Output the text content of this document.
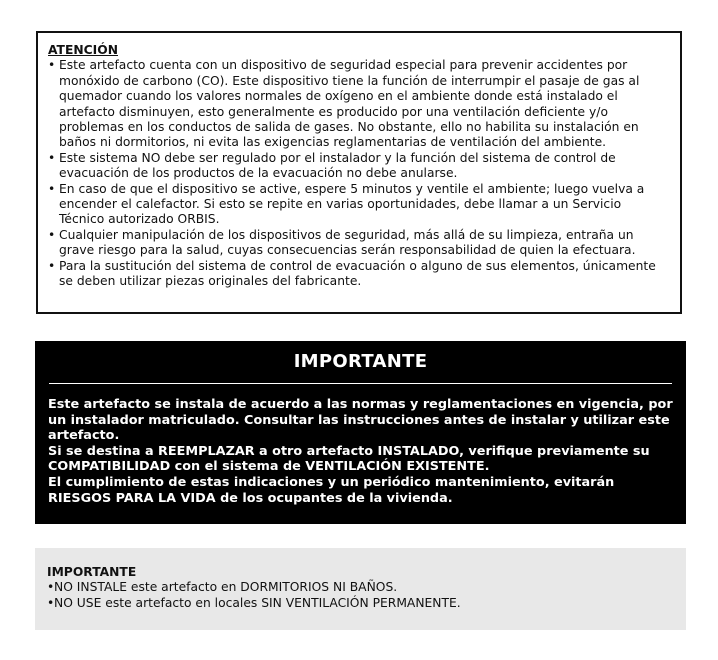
ATENCIÓN
• Este artefacto cuenta con un dispositivo de seguridad especial para prevenir accidentes por monóxido de carbono (CO). Este dispositivo tiene la función de interrumpir el pasaje de gas al quemador cuando los valores normales de oxígeno en el ambiente donde está instalado el artefacto disminuyen, esto generalmente es producido por una ventilación deficiente y/o problemas en los conductos de salida de gases. No obstante, ello no habilita su instalación en baños ni dormitorios, ni evita las exigencias reglamentarias de ventilación del ambiente.
• Este sistema NO debe ser regulado por el instalador y la función del sistema de control de evacuación de los productos de la evacuación no debe anularse.
• En caso de que el dispositivo se active, espere 5 minutos y ventile el ambiente; luego vuelva a encender el calefactor. Si esto se repite en varias oportunidades, debe llamar a un Servicio Técnico autorizado ORBIS.
• Cualquier manipulación de los dispositivos de seguridad, más allá de su limpieza, entraña un grave riesgo para la salud, cuyas consecuencias serán responsabilidad de quien la efectuara.
• Para la sustitución del sistema de control de evacuación o alguno de sus elementos, únicamente se deben utilizar piezas originales del fabricante.
IMPORTANTE

Este artefacto se instala de acuerdo a las normas y reglamentaciones en vigencia, por un instalador matriculado. Consultar las instrucciones antes de instalar y utilizar este artefacto.

Si se destina a REEMPLAZAR a otro artefacto INSTALADO, verifique previamente su COMPATIBILIDAD con el sistema de VENTILACIÓN EXISTENTE.

El cumplimiento de estas indicaciones y un periódico mantenimiento, evitarán RIESGOS PARA LA VIDA de los ocupantes de la vivienda.

IMPORTANTE
• NO INSTALE este artefacto en DORMITORIOS NI BAÑOS.
• NO USE este artefacto en locales SIN VENTILACIÓN PERMANENTE.
